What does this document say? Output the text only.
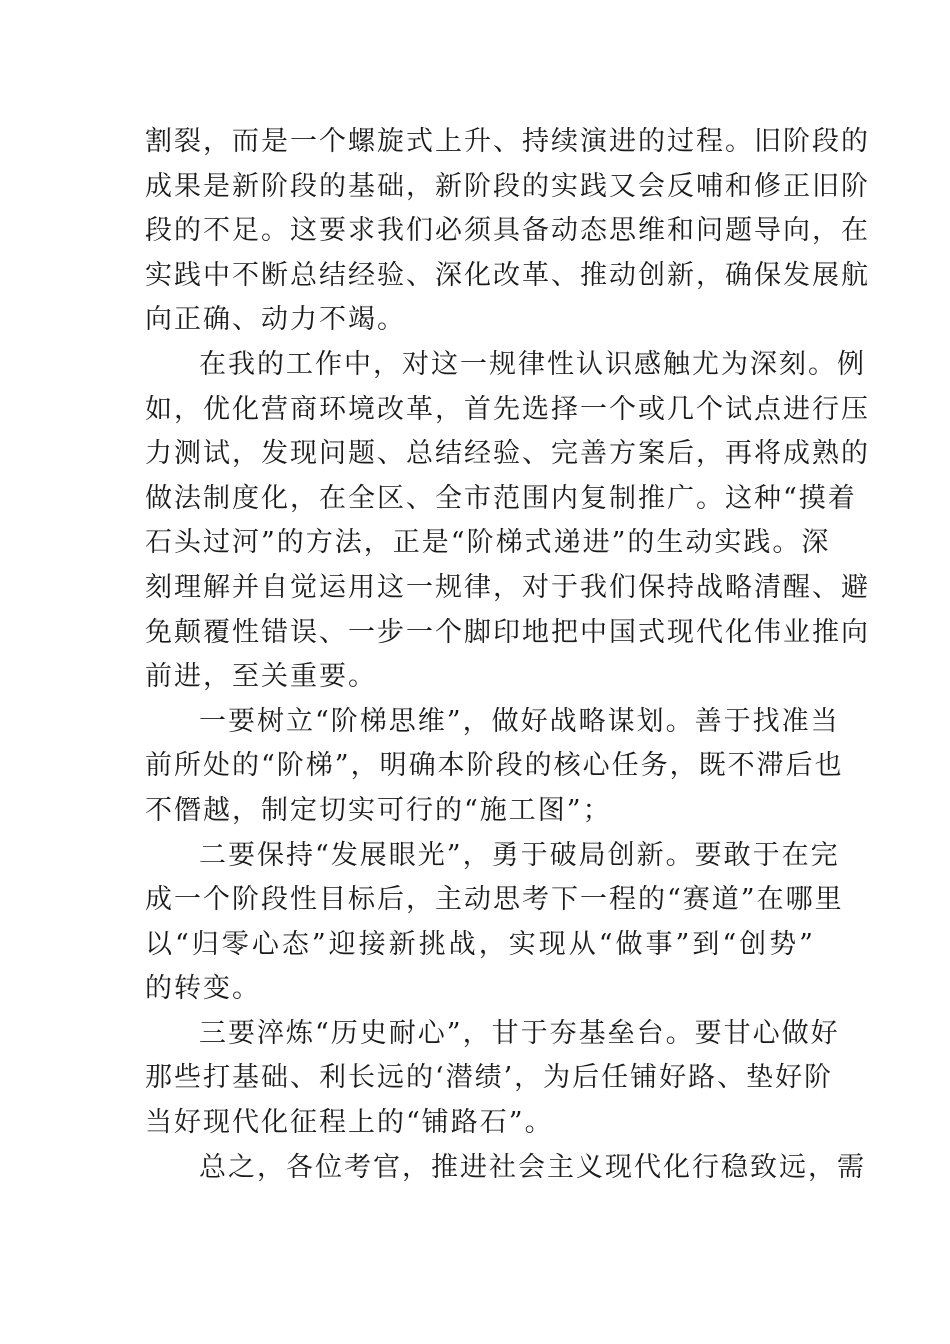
割裂，而是一个螺旋式上升、持续演进的过程。旧阶段的
成果是新阶段的基础，新阶段的实践又会反哺和修正旧阶
段的不足。这要求我们必须具备动态思维和问题导向，在
实践中不断总结经验、深化改革、推动创新，确保发展航
向正确、动力不竭。
在我的工作中，对这一规律性认识感触尤为深刻。例
如，优化营商环境改革，首先选择一个或几个试点进行压
力测试，发现问题、总结经验、完善方案后，再将成熟的
做法制度化，在全区、全市范围内复制推广。这种“摸着
石头过河”的方法，正是“阶梯式递进”的生动实践。深
刻理解并自觉运用这一规律，对于我们保持战略清醒、避
免颠覆性错误、一步一个脚印地把中国式现代化伟业推向
前进，至关重要。
一要树立“阶梯思维”，做好战略谋划。善于找准当
前所处的“阶梯”，明确本阶段的核心任务，既不滞后也
不僭越，制定切实可行的“施工图”；
二要保持“发展眼光”，勇于破局创新。要敢于在完
成一个阶段性目标后，主动思考下一程的“赛道”在哪里
以“归零心态”迎接新挑战，实现从“做事”到“创势”
的转变。
三要淬炼“历史耐心”，甘于夯基垒台。要甘心做好
那些打基础、利长远的‘潜绩’，为后任铺好路、垫好阶
当好现代化征程上的“铺路石”。
总之，各位考官，推进社会主义现代化行稳致远，需
